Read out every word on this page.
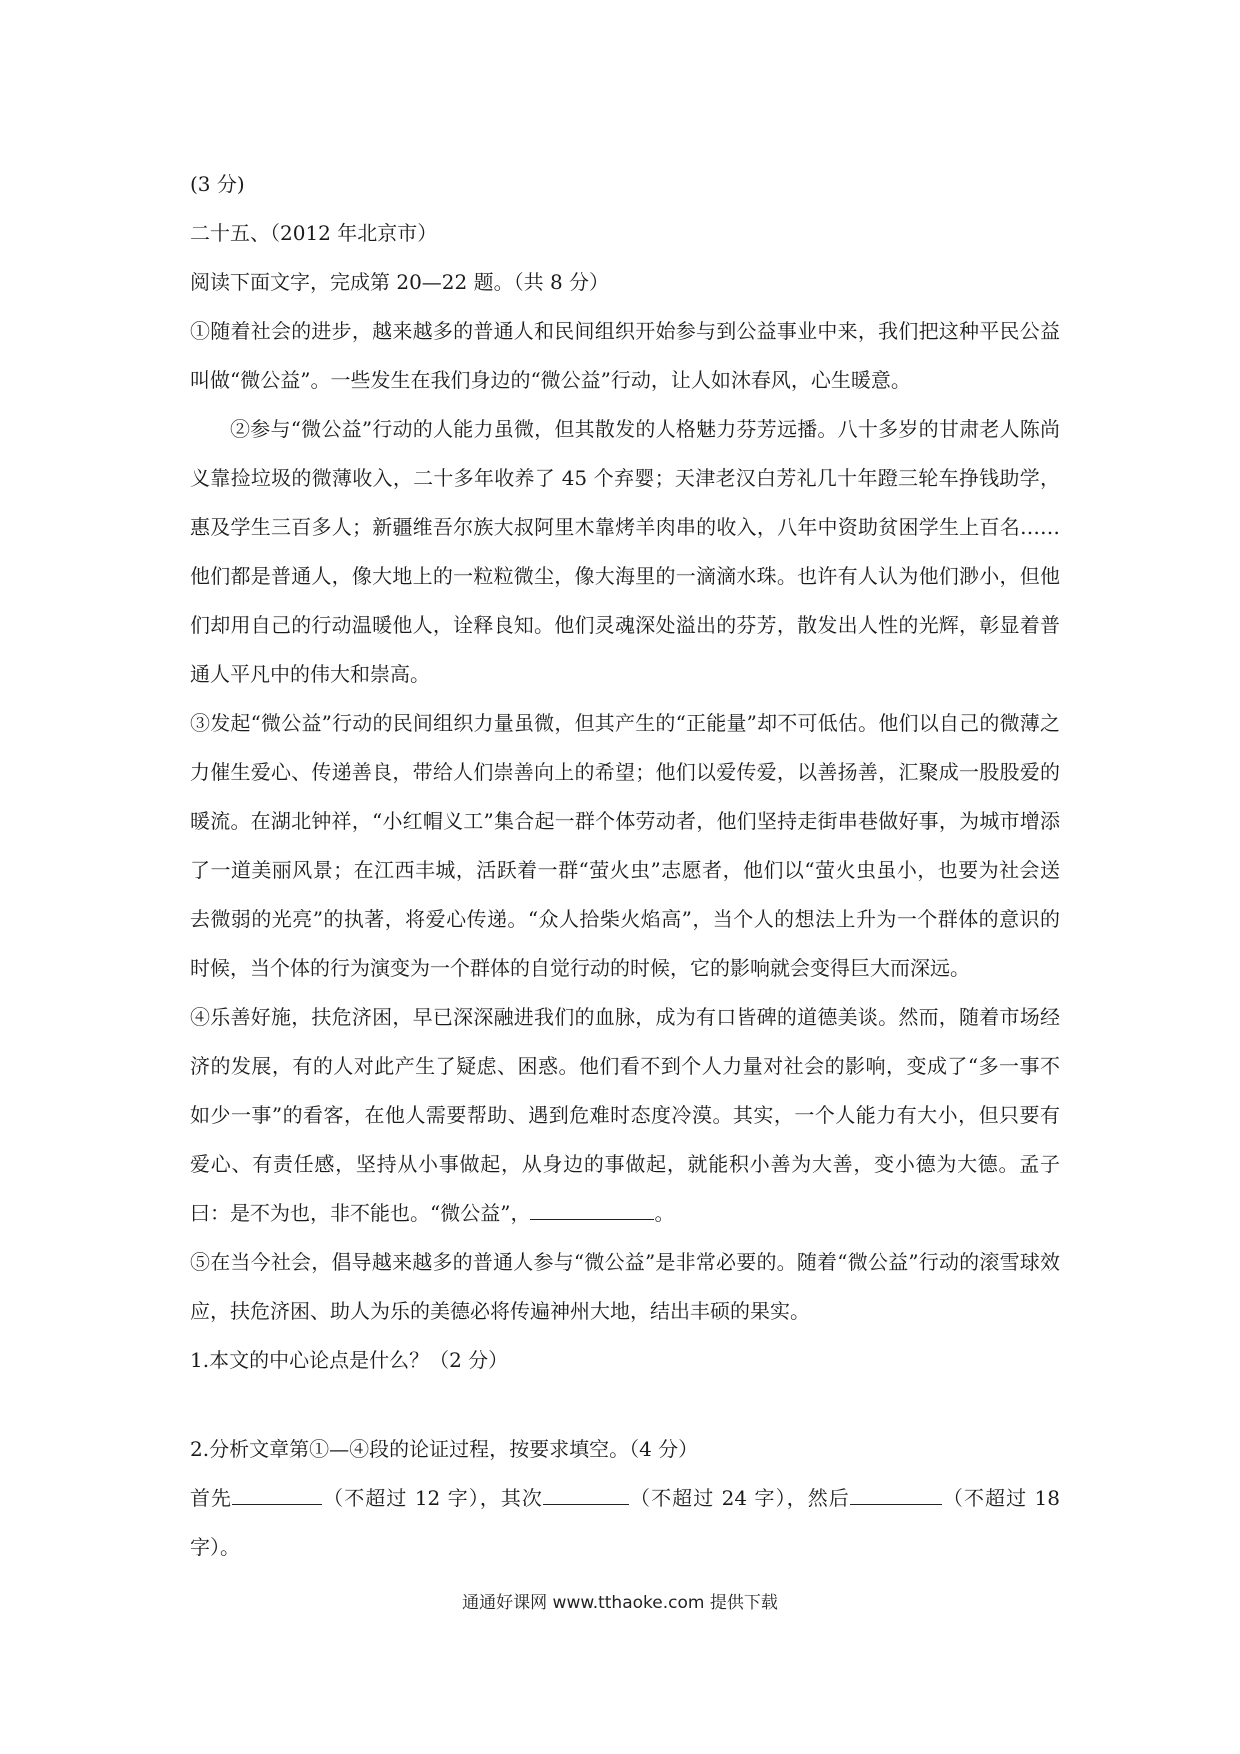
(3 分)
二十五、（2012 年北京市）
阅读下面文字，完成第 20—22 题。（共 8 分）

①随着社会的进步，越来越多的普通人和民间组织开始参与到公益事业中来，我们把这种平民公益叫做“微公益”。一些发生在我们身边的“微公益”行动，让人如沐春风，心生暖意。

②参与“微公益”行动的人能力虽微，但其散发的人格魅力芬芳远播。八十多岁的甘肃老人陈尚义靠捡垃圾的微薄收入，二十多年收养了 45 个弃婴；天津老汉白芳礼几十年蹬三轮车挣钱助学，惠及学生三百多人；新疆维吾尔族大叔阿里木靠烤羊肉串的收入，八年中资助贫困学生上百名……他们都是普通人，像大地上的一粒粒微尘，像大海里的一滴滴水珠。也许有人认为他们渺小，但他们却用自己的行动温暖他人，诠释良知。他们灵魂深处溢出的芬芳，散发出人性的光辉，彰显着普通人平凡中的伟大和崇高。

③发起“微公益”行动的民间组织力量虽微，但其产生的“正能量”却不可低估。他们以自己的微薄之力催生爱心、传递善良，带给人们崇善向上的希望；他们以爱传爱，以善扬善，汇聚成一股股爱的暖流。在湖北钟祥，“小红帽义工”集合起一群个体劳动者，他们坚持走街串巷做好事，为城市增添了一道美丽风景；在江西丰城，活跃着一群“萤火虫”志愿者，他们以“萤火虫虽小，也要为社会送去微弱的光亮”的执著，将爱心传递。“众人拾柴火焰高”，当个人的想法上升为一个群体的意识的时候，当个体的行为演变为一个群体的自觉行动的时候，它的影响就会变得巨大而深远。

④乐善好施，扶危济困，早已深深融进我们的血脉，成为有口皆碑的道德美谈。然而，随着市场经济的发展，有的人对此产生了疑虑、困惑。他们看不到个人力量对社会的影响，变成了“多一事不如少一事”的看客，在他人需要帮助、遇到危难时态度冷漠。其实，一个人能力有大小，但只要有爱心、有责任感，坚持从小事做起，从身边的事做起，就能积小善为大善，变小德为大德。孟子曰：是不为也，非不能也。“微公益”，	。

⑤在当今社会，倡导越来越多的普通人参与“微公益”是非常必要的。随着“微公益”行动的滚雪球效应，扶危济困、助人为乐的美德必将传遍神州大地，结出丰硕的果实。

1.本文的中心论点是什么？（2 分）
2.分析文章第①—④段的论证过程，按要求填空。（4 分）

首先	（不超过 12 字），其次	（不超过 24 字），然后	（不超过 18 字）。

通通好课网 www.tthaoke.com 提供下载
